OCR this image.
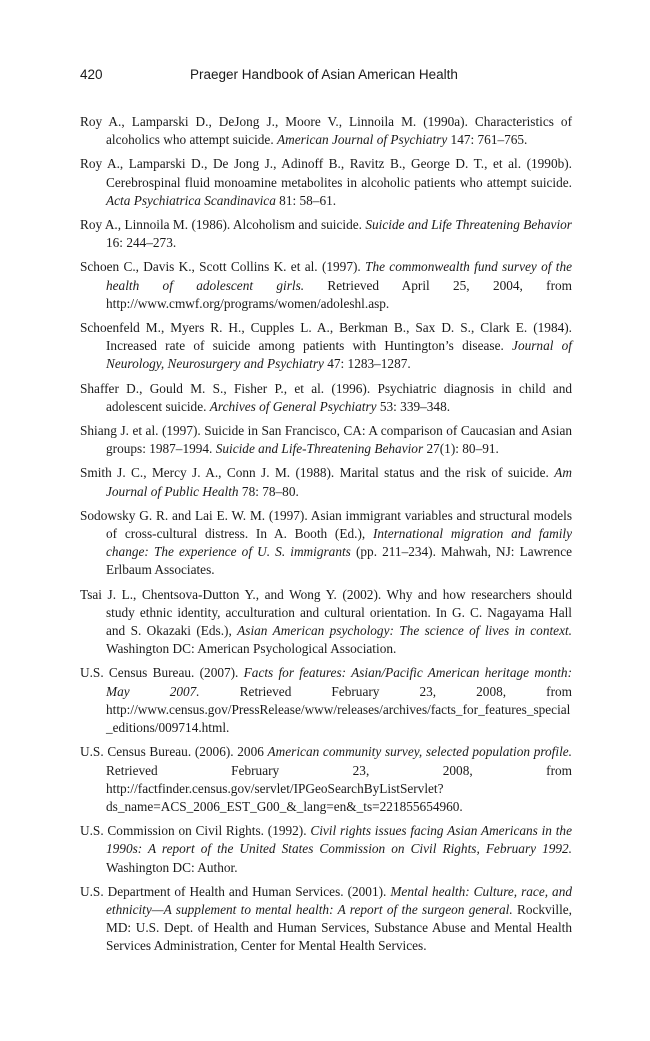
420	Praeger Handbook of Asian American Health
Roy A., Lamparski D., DeJong J., Moore V., Linnoila M. (1990a). Characteristics of alcoholics who attempt suicide. American Journal of Psychiatry 147: 761–765.
Roy A., Lamparski D., De Jong J., Adinoff B., Ravitz B., George D. T., et al. (1990b). Cerebrospinal fluid monoamine metabolites in alcoholic patients who attempt suicide. Acta Psychiatrica Scandinavica 81: 58–61.
Roy A., Linnoila M. (1986). Alcoholism and suicide. Suicide and Life Threatening Behavior 16: 244–273.
Schoen C., Davis K., Scott Collins K. et al. (1997). The commonwealth fund survey of the health of adolescent girls. Retrieved April 25, 2004, from http://www.cmwf.org/programs/women/adoleshl.asp.
Schoenfeld M., Myers R. H., Cupples L. A., Berkman B., Sax D. S., Clark E. (1984). Increased rate of suicide among patients with Huntington’s disease. Journal of Neurology, Neurosurgery and Psychiatry 47: 1283–1287.
Shaffer D., Gould M. S., Fisher P., et al. (1996). Psychiatric diagnosis in child and adolescent suicide. Archives of General Psychiatry 53: 339–348.
Shiang J. et al. (1997). Suicide in San Francisco, CA: A comparison of Caucasian and Asian groups: 1987–1994. Suicide and Life-Threatening Behavior 27(1): 80–91.
Smith J. C., Mercy J. A., Conn J. M. (1988). Marital status and the risk of suicide. Am Journal of Public Health 78: 78–80.
Sodowsky G. R. and Lai E. W. M. (1997). Asian immigrant variables and structural models of cross-cultural distress. In A. Booth (Ed.), International migration and family change: The experience of U. S. immigrants (pp. 211–234). Mahwah, NJ: Lawrence Erlbaum Associates.
Tsai J. L., Chentsova-Dutton Y., and Wong Y. (2002). Why and how researchers should study ethnic identity, acculturation and cultural orientation. In G. C. Nagayama Hall and S. Okazaki (Eds.), Asian American psychology: The science of lives in context. Washington DC: American Psychological Association.
U.S. Census Bureau. (2007). Facts for features: Asian/Pacific American heritage month: May 2007. Retrieved February 23, 2008, from http://www.census.gov/PressRelease/www/releases/archives/facts_for_features_special_editions/009714.html.
U.S. Census Bureau. (2006). 2006 American community survey, selected population profile. Retrieved February 23, 2008, from http://factfinder.census.gov/servlet/IPGeoSearchByListServlet?ds_name=ACS_2006_EST_G00_&_lang=en&_ts=221855654960.
U.S. Commission on Civil Rights. (1992). Civil rights issues facing Asian Americans in the 1990s: A report of the United States Commission on Civil Rights, February 1992. Washington DC: Author.
U.S. Department of Health and Human Services. (2001). Mental health: Culture, race, and ethnicity—A supplement to mental health: A report of the surgeon general. Rockville, MD: U.S. Dept. of Health and Human Services, Substance Abuse and Mental Health Services Administration, Center for Mental Health Services.
